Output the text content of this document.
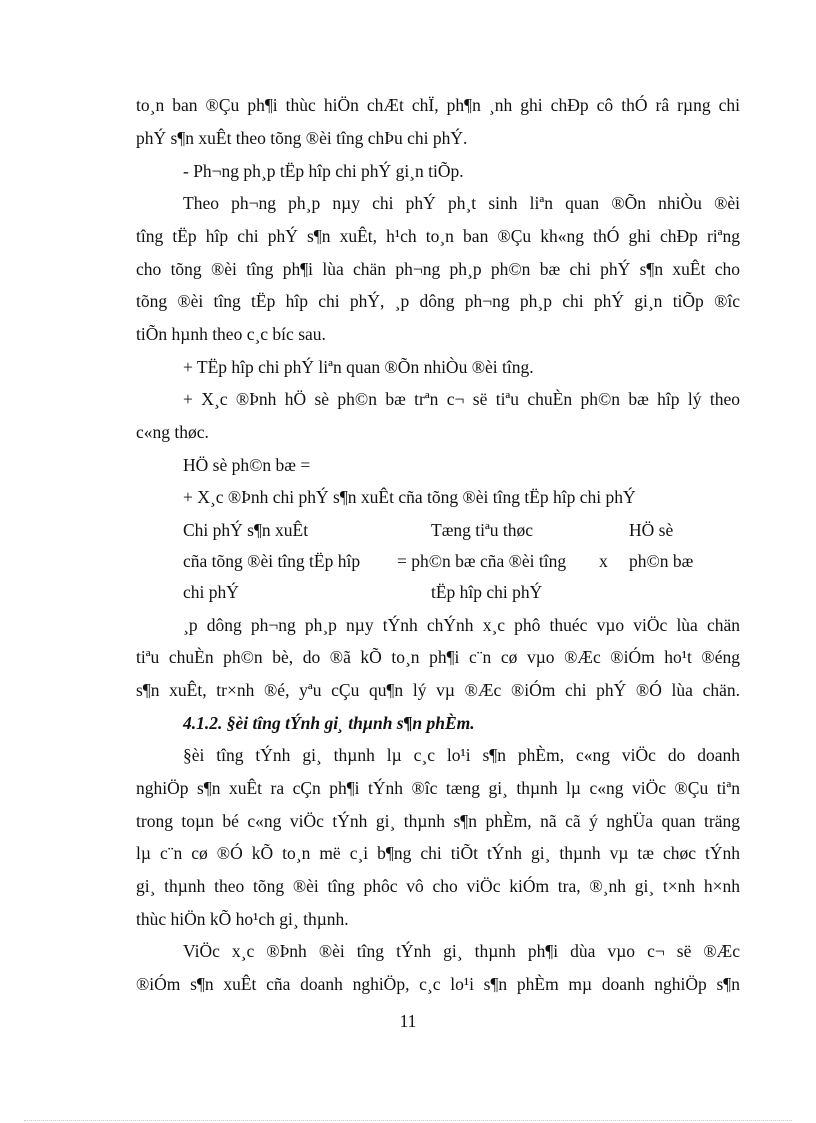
to¸n ban ®Çu ph¶i thùc hiÖn chÆt chÏ, ph¶n ¸nh ghi chÐp cô thÓ râ rµng chi
phÝ s¶n xuÊt theo tõng ®èi tîng chÞu chi phÝ.
- Ph¬ng ph¸p tËp hîp chi phÝ gi¸n tiÕp.
Theo ph¬ng ph¸p nµy chi phÝ ph¸t sinh liªn quan ®Õn nhiÒu ®èi
tîng tËp hîp chi phÝ s¶n xuÊt, h¹ch to¸n ban ®Çu kh«ng thÓ ghi chÐp riªng
cho tõng ®èi tîng ph¶i lùa chän ph¬ng ph¸p ph©n bæ chi phÝ s¶n xuÊt cho
tõng ®èi tîng tËp hîp chi phÝ, ¸p dông ph¬ng ph¸p chi phÝ gi¸n tiÕp ®îc
tiÕn hµnh theo c¸c bíc sau.
+ TËp hîp chi phÝ liªn quan ®Õn nhiÒu ®èi tîng.
+ X¸c ®Þnh hÖ sè ph©n bæ trªn c¬ së tiªu chuÈn ph©n bæ hîp lý theo
c«ng thøc.
HÖ sè ph©n bæ =
+ X¸c ®Þnh chi phÝ s¶n xuÊt cña tõng ®èi tîng tËp hîp chi phÝ
Chi phÝ s¶n xuÊt	Tæng tiªu thøc	HÖ sè
cña tõng ®èi tîng tËp hîp = ph©n bæ cña ®èi tîng x ph©n bæ
chi phÝ	tËp hîp chi phÝ
¸p dông ph¬ng ph¸p nµy tÝnh chÝnh x¸c phô thuéc vµo viÖc lùa chän
tiªu chuÈn ph©n bè, do ®ã kÕ to¸n ph¶i c¨n cø vµo ®Æc ®iÓm ho¹t ®éng
s¶n xuÊt, tr×nh ®é, yªu cÇu qu¶n lý vµ ®Æc ®iÓm chi phÝ ®Ó lùa chän.
4.1.2. §èi tîng tÝnh gi¸ thµnh s¶n phÈm.
§èi tîng tÝnh gi¸ thµnh lµ c¸c lo¹i s¶n phÈm, c«ng viÖc do doanh
nghiÖp s¶n xuÊt ra cÇn ph¶i tÝnh ®îc tæng gi¸ thµnh lµ c«ng viÖc ®Çu tiªn
trong toµn bé c«ng viÖc tÝnh gi¸ thµnh s¶n phÈm, nã cã ý nghÜa quan träng
lµ c¨n cø ®Ó kÕ to¸n më c¸i b¶ng chi tiÕt tÝnh gi¸ thµnh vµ tæ chøc tÝnh
gi¸ thµnh theo tõng ®èi tîng phôc vô cho viÖc kiÓm tra, ®¸nh gi¸ t×nh h×nh
thùc hiÖn kÕ ho¹ch gi¸ thµnh.
ViÖc x¸c ®Þnh ®èi tîng tÝnh gi¸ thµnh ph¶i dùa vµo c¬ së ®Æc
®iÓm s¶n xuÊt cña doanh nghiÖp, c¸c lo¹i s¶n phÈm mµ doanh nghiÖp s¶n
11
